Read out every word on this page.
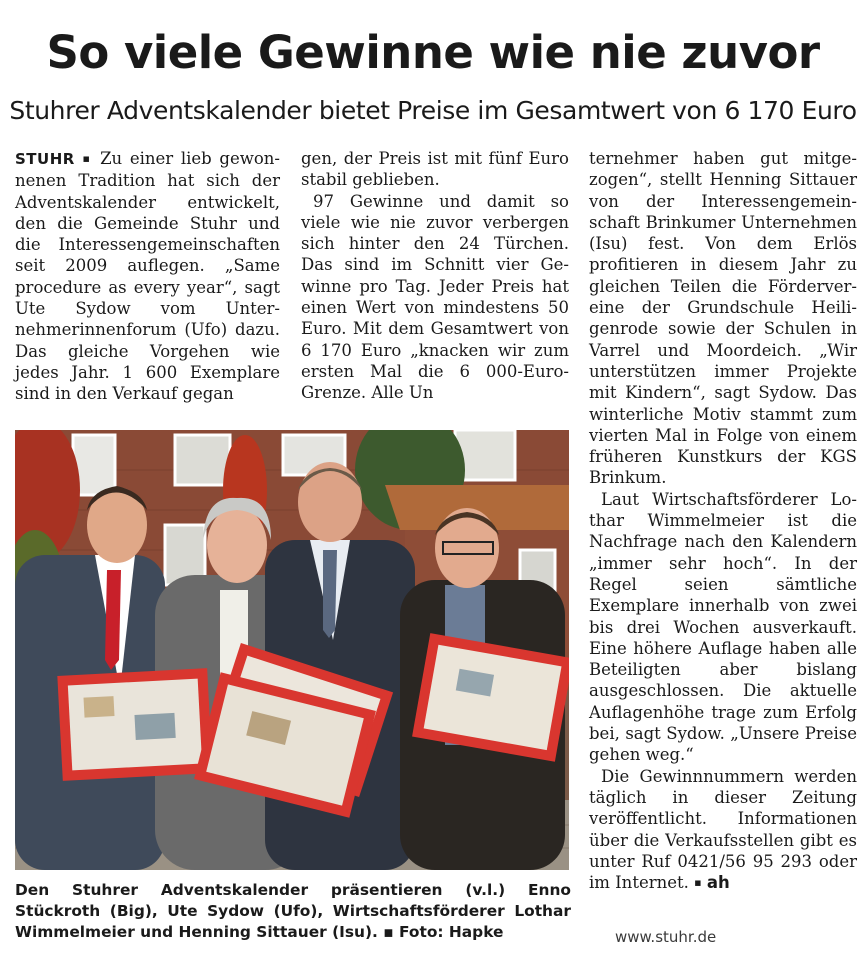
So viele Gewinne wie nie zuvor
Stuhrer Adventskalender bietet Preise im Gesamtwert von 6 170 Euro

STUHR ▪ Zu einer lieb gewonnenen Tradition hat sich der Adventskalender entwickelt, den die Gemeinde Stuhr und die Interessengemeinschaften seit 2009 auflegen. „Same procedure as every year“, sagt Ute Sydow vom Unternehmerinnenforum (Ufo) dazu. Das gleiche Vorgehen wie jedes Jahr. 1 600 Exemplare sind in den Verkauf gegan

gen, der Preis ist mit fünf Euro stabil geblieben.

97 Gewinne und damit so viele wie nie zuvor verbergen sich hinter den 24 Türchen. Das sind im Schnitt vier Gewinne pro Tag. Jeder Preis hat einen Wert von mindestens 50 Euro. Mit dem Gesamtwert von 6 170 Euro „knacken wir zum ersten Mal die 6 000-Euro-Grenze. Alle Un

ternehmer haben gut mitgezogen“, stellt Henning Sittauer von der Interessengemeinschaft Brinkumer Unternehmen (Isu) fest. Von dem Erlös profitieren in diesem Jahr zu gleichen Teilen die Fördervereine der Grundschule Heiligenrode sowie der Schulen in Varrel und Moordeich. „Wir unterstützen immer Projekte mit Kindern“, sagt Sydow. Das winterliche Motiv stammt zum vierten Mal in Folge von einem früheren Kunstkurs der KGS Brinkum.

Laut Wirtschaftsförderer Lothar Wimmelmeier ist die Nachfrage nach den Kalendern „immer sehr hoch“. In der Regel seien sämtliche Exemplare innerhalb von zwei bis drei Wochen ausverkauft. Eine höhere Auflage haben alle Beteiligten aber bislang ausgeschlossen. Die aktuelle Auflagenhöhe trage zum Erfolg bei, sagt Sydow. „Unsere Preise gehen weg.“

Die Gewinnnummern werden täglich in dieser Zeitung veröffentlicht. Informationen über die Verkaufsstellen gibt es unter Ruf 0421/56 95 293 oder im Internet. ▪ ah

Den Stuhrer Adventskalender präsentieren (v.l.) Enno Stückroth (Big), Ute Sydow (Ufo), Wirtschaftsförderer Lothar Wimmelmeier und Henning Sittauer (Isu). ▪ Foto: Hapke	www.stuhr.de
